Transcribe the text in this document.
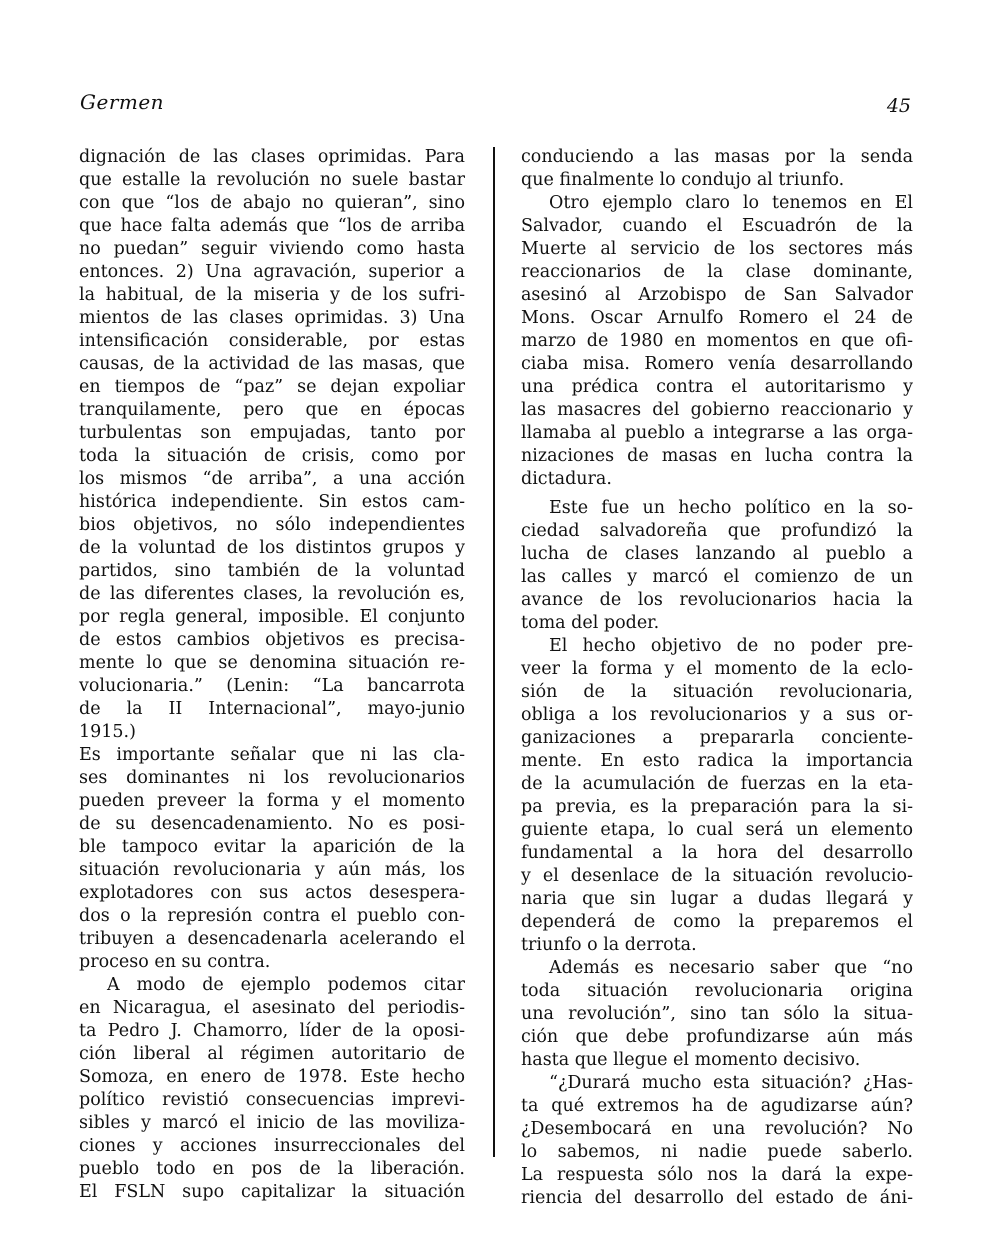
Germen	45
dignación de las clases oprimidas. Para
que estalle la revolución no suele bastar
con que “los de abajo no quieran”, sino
que hace falta además que “los de arriba
no puedan” seguir viviendo como hasta
entonces. 2) Una agravación, superior a
la habitual, de la miseria y de los sufri-
mientos de las clases oprimidas. 3) Una
intensificación considerable, por estas
causas, de la actividad de las masas, que
en tiempos de “paz” se dejan expoliar
tranquilamente, pero que en épocas
turbulentas son empujadas, tanto por
toda la situación de crisis, como por
los mismos “de arriba”, a una acción
histórica independiente. Sin estos cam-
bios objetivos, no sólo independientes
de la voluntad de los distintos grupos y
partidos, sino también de la voluntad
de las diferentes clases, la revolución es,
por regla general, imposible. El conjunto
de estos cambios objetivos es precisa-
mente lo que se denomina situación re-
volucionaria.” (Lenin: “La bancarrota
de la II Internacional”, mayo-junio
1915.)
Es importante señalar que ni las cla-
ses dominantes ni los revolucionarios
pueden preveer la forma y el momento
de su desencadenamiento. No es posi-
ble tampoco evitar la aparición de la
situación revolucionaria y aún más, los
explotadores con sus actos desespera-
dos o la represión contra el pueblo con-
tribuyen a desencadenarla acelerando el
proceso en su contra.
A modo de ejemplo podemos citar
en Nicaragua, el asesinato del periodis-
ta Pedro J. Chamorro, líder de la oposi-
ción liberal al régimen autoritario de
Somoza, en enero de 1978. Este hecho
político revistió consecuencias imprevi-
sibles y marcó el inicio de las moviliza-
ciones y acciones insurreccionales del
pueblo todo en pos de la liberación.
El FSLN supo capitalizar la situación
conduciendo a las masas por la senda
que finalmente lo condujo al triunfo.
Otro ejemplo claro lo tenemos en El
Salvador, cuando el Escuadrón de la
Muerte al servicio de los sectores más
reaccionarios de la clase dominante,
asesinó al Arzobispo de San Salvador
Mons. Oscar Arnulfo Romero el 24 de
marzo de 1980 en momentos en que ofi-
ciaba misa. Romero venía desarrollando
una prédica contra el autoritarismo y
las masacres del gobierno reaccionario y
llamaba al pueblo a integrarse a las orga-
nizaciones de masas en lucha contra la
dictadura.
Este fue un hecho político en la so-
ciedad salvadoreña que profundizó la
lucha de clases lanzando al pueblo a
las calles y marcó el comienzo de un
avance de los revolucionarios hacia la
toma del poder.
El hecho objetivo de no poder pre-
veer la forma y el momento de la eclo-
sión de la situación revolucionaria,
obliga a los revolucionarios y a sus or-
ganizaciones a prepararla conciente-
mente. En esto radica la importancia
de la acumulación de fuerzas en la eta-
pa previa, es la preparación para la si-
guiente etapa, lo cual será un elemento
fundamental a la hora del desarrollo
y el desenlace de la situación revolucio-
naria que sin lugar a dudas llegará y
dependerá de como la preparemos el
triunfo o la derrota.
Además es necesario saber que “no
toda situación revolucionaria origina
una revolución”, sino tan sólo la situa-
ción que debe profundizarse aún más
hasta que llegue el momento decisivo.
“¿Durará mucho esta situación? ¿Has-
ta qué extremos ha de agudizarse aún?
¿Desembocará en una revolución? No
lo sabemos, ni nadie puede saberlo.
La respuesta sólo nos la dará la expe-
riencia del desarrollo del estado de áni-
